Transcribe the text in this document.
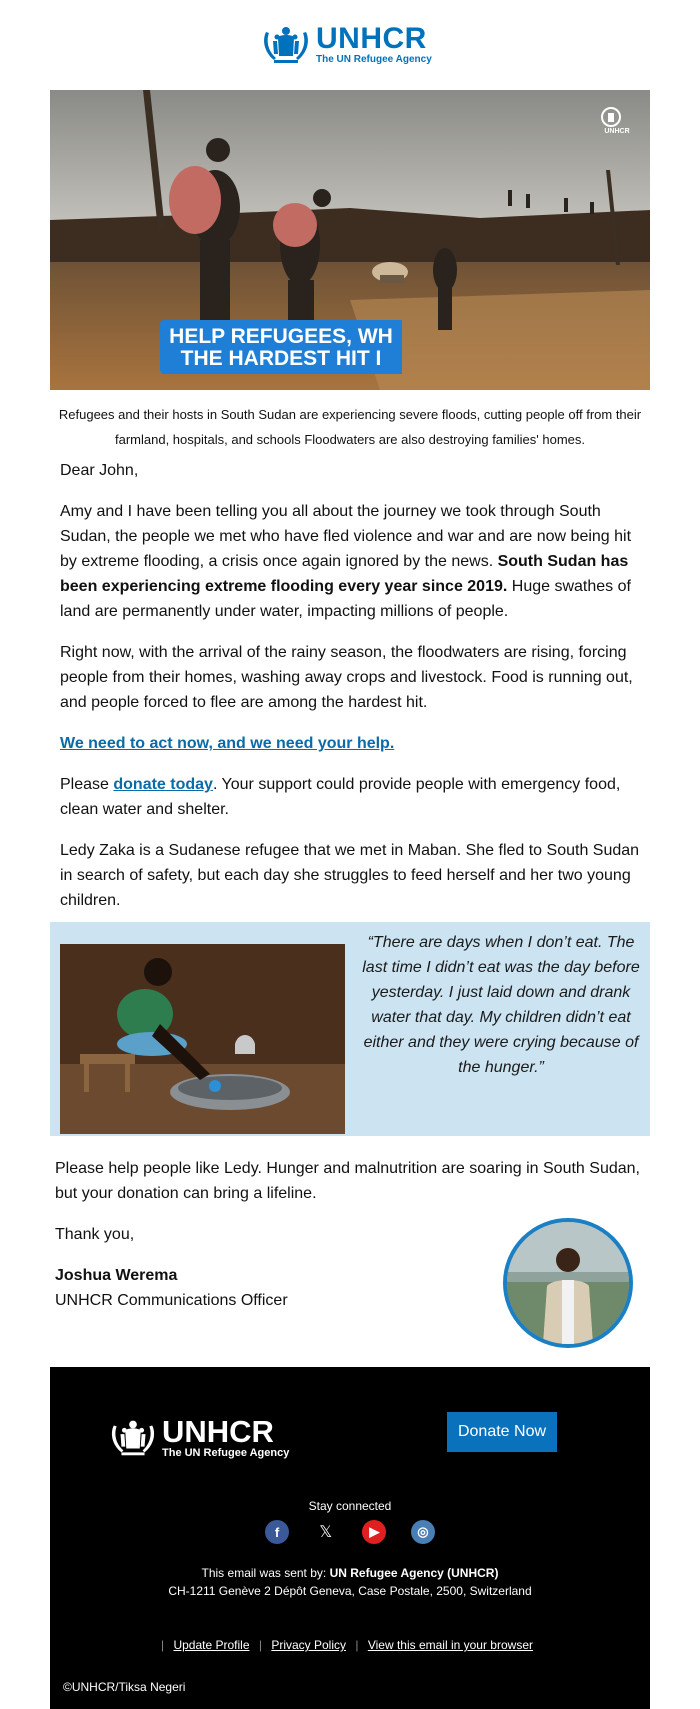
UNHCR
The UN Refugee Agency
UNHCR
HELP REFUGEES, WH
THE HARDEST HIT I
Refugees and their hosts in South Sudan are experiencing severe floods, cutting people off from their farmland, hospitals, and schools Floodwaters are also destroying families' homes.

Dear John,

Amy and I have been telling you all about the journey we took through South Sudan, the people we met who have fled violence and war and are now being hit by extreme flooding, a crisis once again ignored by the news. South Sudan has been experiencing extreme flooding every year since 2019. Huge swathes of land are permanently under water, impacting millions of people.

Right now, with the arrival of the rainy season, the floodwaters are rising, forcing people from their homes, washing away crops and livestock. Food is running out, and people forced to flee are among the hardest hit.

We need to act now, and we need your help.

Please donate today. Your support could provide people with emergency food, clean water and shelter.

Ledy Zaka is a Sudanese refugee that we met in Maban. She fled to South Sudan in search of safety, but each day she struggles to feed herself and her two young children.

“There are days when I don’t eat. The last time I didn’t eat was the day before yesterday. I just laid down and drank water that day. My children didn’t eat either and they were crying because of the hunger.”

Please help people like Ledy. Hunger and malnutrition are soaring in South Sudan, but your donation can bring a lifeline.

Thank you,

Joshua Werema
UNHCR Communications Officer
UNHCR
The UN Refugee Agency
Donate Now
Stay connected
f	𝕏	▶	◎
This email was sent by: UN Refugee Agency (UNHCR)
CH-1211 Genève 2 Dépôt Geneva, Case Postale, 2500, Switzerland
| Update Profile | Privacy Policy | View this email in your browser
©UNHCR/Tiksa Negeri
